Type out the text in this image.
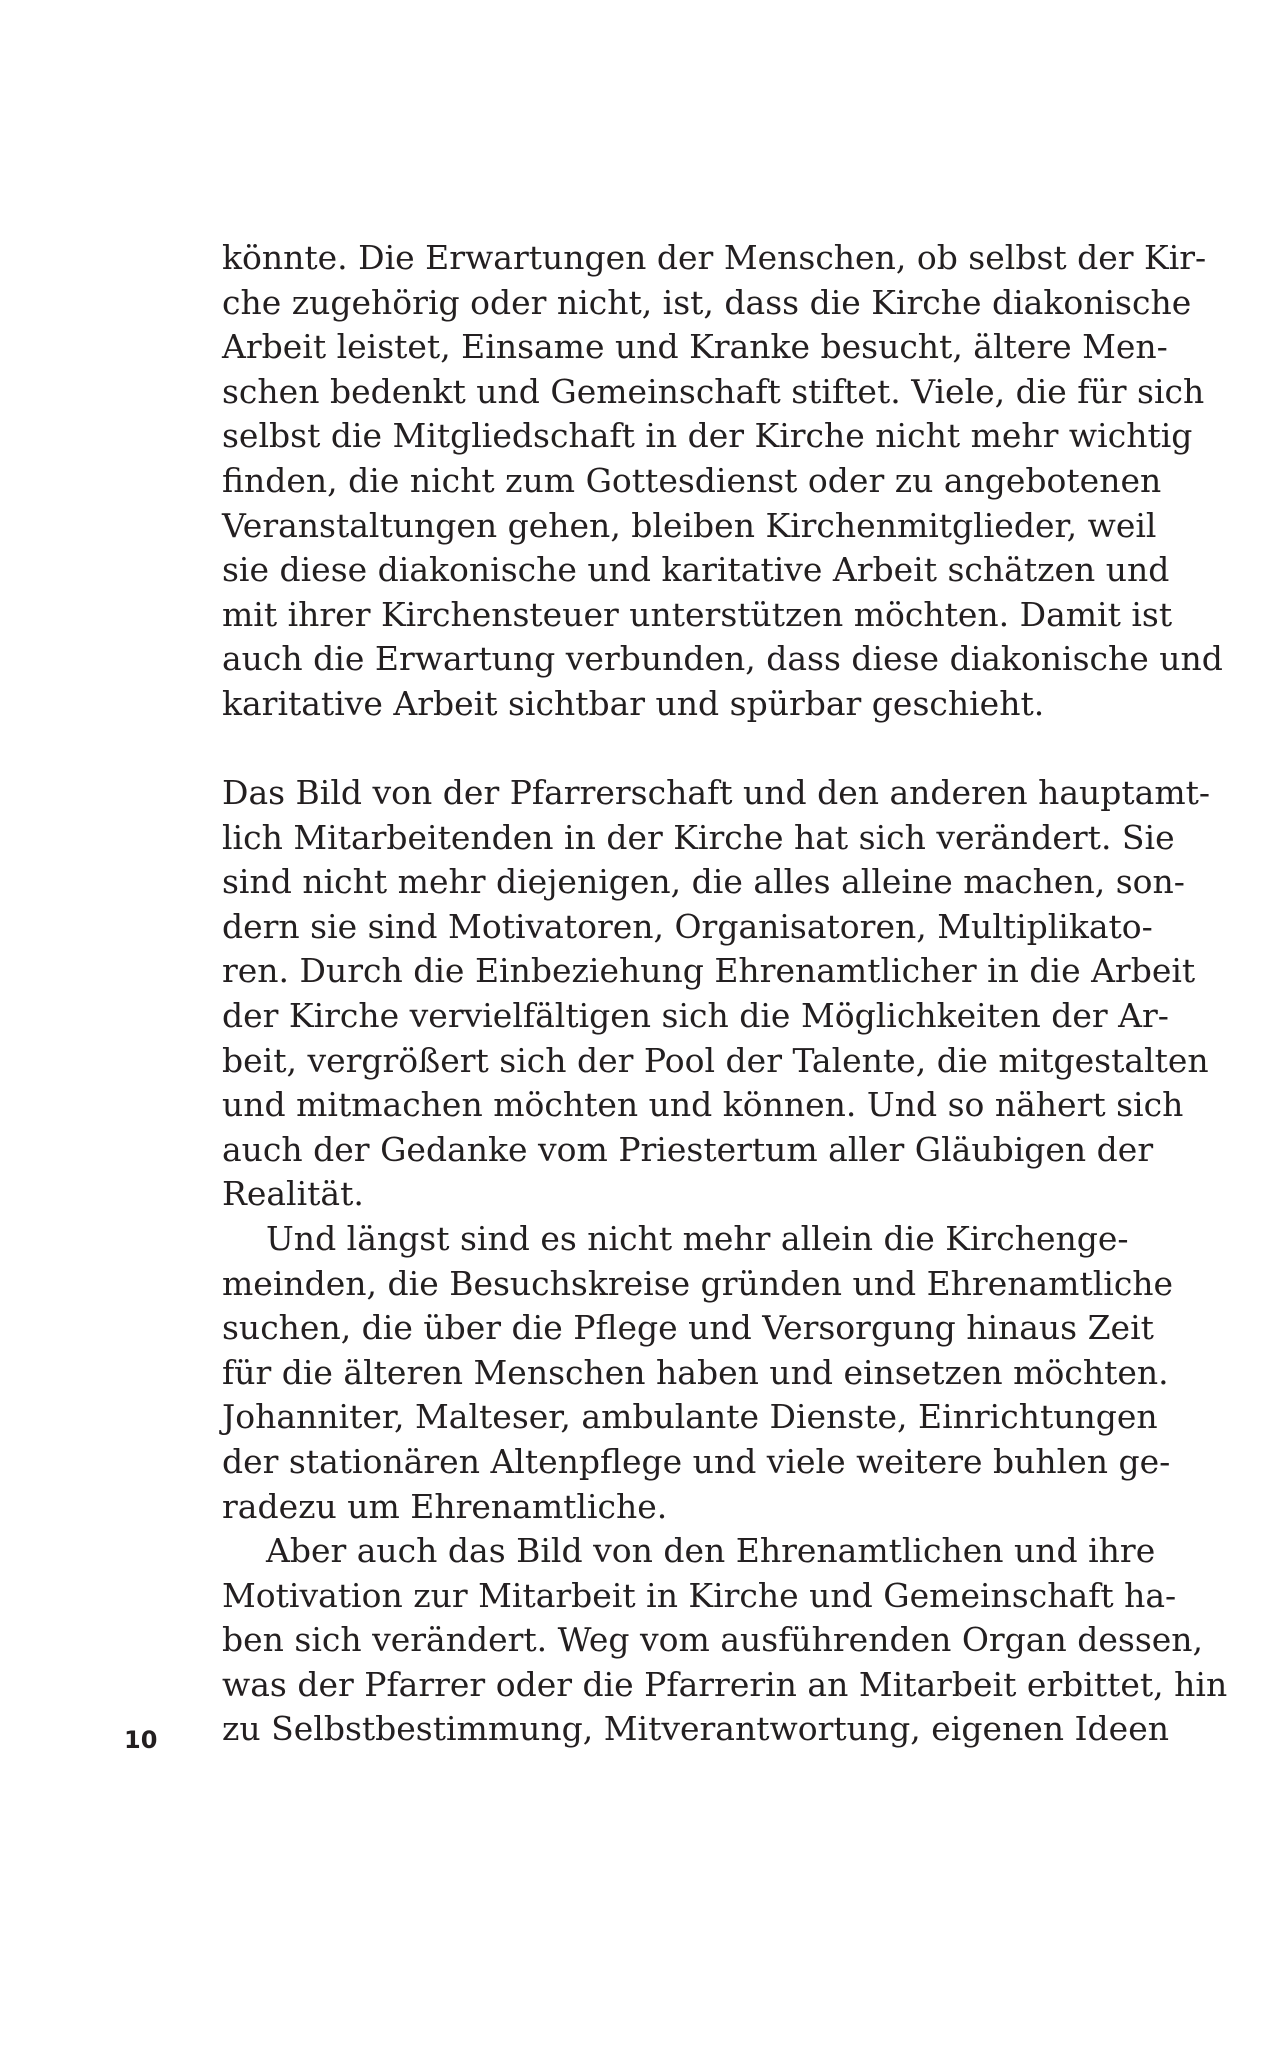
könnte. Die Erwartungen der Menschen, ob selbst der Kir-
che zugehörig oder nicht, ist, dass die Kirche diakonische
Arbeit leistet, Einsame und Kranke besucht, ältere Men-
schen bedenkt und Gemeinschaft stiftet. Viele, die für sich
selbst die Mitgliedschaft in der Kirche nicht mehr wichtig
finden, die nicht zum Gottesdienst oder zu angebotenen
Veranstaltungen gehen, bleiben Kirchenmitglieder, weil
sie diese diakonische und karitative Arbeit schätzen und
mit ihrer Kirchensteuer unterstützen möchten. Damit ist
auch die Erwartung verbunden, dass diese diakonische und
karitative Arbeit sichtbar und spürbar geschieht.
Das Bild von der Pfarrerschaft und den anderen hauptamt-
lich Mitarbeitenden in der Kirche hat sich verändert. Sie
sind nicht mehr diejenigen, die alles alleine machen, son-
dern sie sind Motivatoren, Organisatoren, Multiplikato-
ren. Durch die Einbeziehung Ehrenamtlicher in die Arbeit
der Kirche vervielfältigen sich die Möglichkeiten der Ar-
beit, vergrößert sich der Pool der Talente, die mitgestalten
und mitmachen möchten und können. Und so nähert sich
auch der Gedanke vom Priestertum aller Gläubigen der
Realität.
Und längst sind es nicht mehr allein die Kirchenge-
meinden, die Besuchskreise gründen und Ehrenamtliche
suchen, die über die Pflege und Versorgung hinaus Zeit
für die älteren Menschen haben und einsetzen möchten.
Johanniter, Malteser, ambulante Dienste, Einrichtungen
der stationären Altenpflege und viele weitere buhlen ge-
radezu um Ehrenamtliche.
Aber auch das Bild von den Ehrenamtlichen und ihre
Motivation zur Mitarbeit in Kirche und Gemeinschaft ha-
ben sich verändert. Weg vom ausführenden Organ dessen,
was der Pfarrer oder die Pfarrerin an Mitarbeit erbittet, hin
zu Selbstbestimmung, Mitverantwortung, eigenen Ideen
10
